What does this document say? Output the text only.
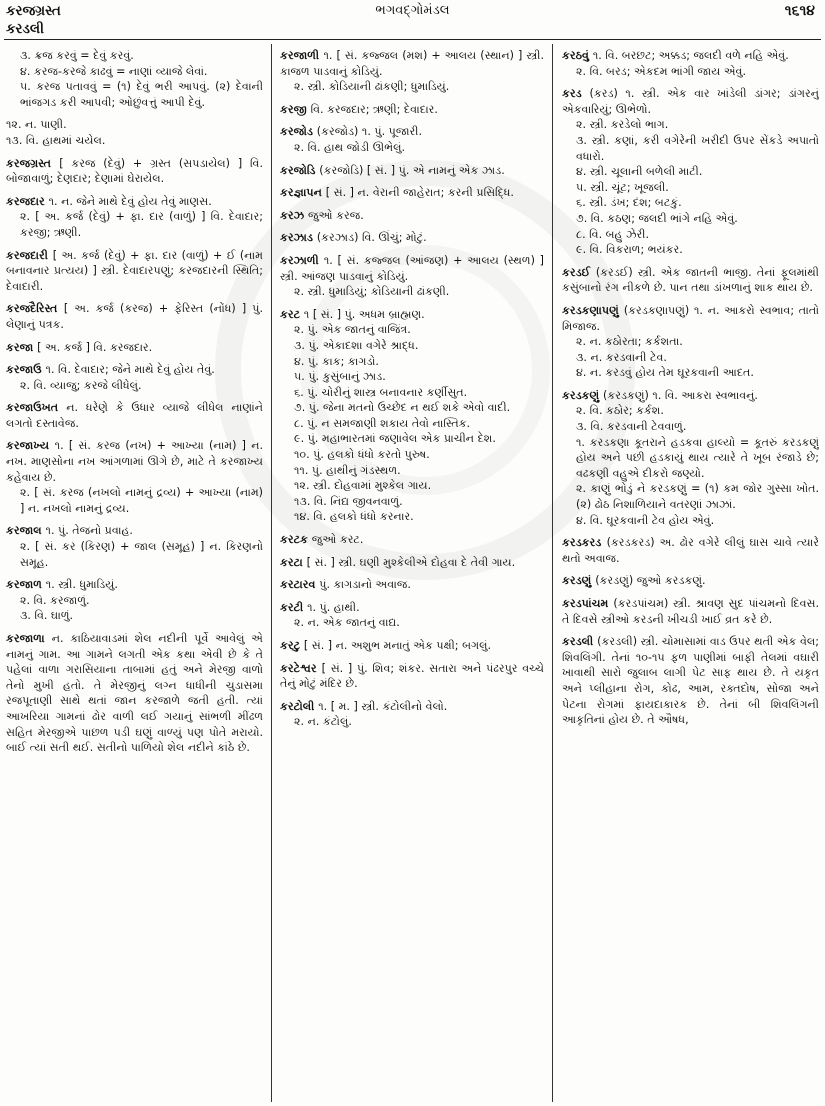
કરજગ્રસ્ત
કરડલી
ભગવદ્‌ગોમંડલ	૧૬૧૪

૩. ક્રજ કરવું = દેવું કરવું.

૪. કરજ-કરજે કાઢવું = નાણાં વ્યાજે લેવાં.

૫. કરજ પતાવવું = (૧) દેવું ભરી આપવું. (૨) દેવાની ભાંજગડ કરી આપવી; ઓછુંવત્તું આપી દેવું.

૧૨. ન. પાણી.

૧૩. વિ. હાથમાં ચયેલ.

કરજગ્રસ્ત [ કરજ (દેવું) + ગ્રસ્ત (સપડાયેલ) ] વિ. બોજાવાળું; દેણદાર; દેણામાં ઘેરાયેલ.

કરજદાર ૧. ન. જેને માથે દેવું હોય તેવું માણસ.

૨. [ અ. કર્જ (દેવું) + ફા. દાર (વાળું) ] વિ. દેવાદાર; કરજી; ઋણી.

કરજદારી [ અ. કર્જ (દેવું) + ફા. દાર (વાળું) + ઈ (નામ બનાવનાર પ્રત્યય) ] સ્ત્રી. દેવાદારપણું; કરજદારની સ્થિતિ; દેવાદારી.

કરજદૈરિસ્ત [ અ. કર્જ (કરજ) + ફેરિસ્ત (નોંધ) ] પું. લેણાનું પત્રક.

કરજા [ અ. કર્જ ] વિ. કરજદાર.

કરજાઉ ૧. વિ. દેવાદાર; જેને માથે દેવું હોય તેવું.

૨. વિ. વ્યાજુ; કરજે લીધેલું.

કરજાઉખત ન. ધરેણે કે ઉધાર વ્યાજે લીધેલ નાણાંને લગતો દસ્તાવેજ.

કરજાખ્ય ૧. [ સં. કરજ (નખ) + આખ્યા (નામ) ] ન. નખ. માણસોના નખ આંગળામાં ઊગે છે, માટે તે કરજાખ્ય કહેવાય છે.

૨. [ સં. કરજ (નખલો નામનું દ્રવ્ય) + આખ્યા (નામ) ] ન. નખલો નામનું દ્રવ્ય.

કરજાલ ૧. પું. તેજનો પ્રવાહ.

૨. [ સં. કર (કિરણ) + જાલ (સમૂહ) ] ન. કિરણનો સમૂહ.

કરજાળ ૧. સ્ત્રી. ધુમાડિયું.

૨. વિ. કરજાળું.

૩. વિ. ઘાળું.

કરજાળા ન. કાઠિયાવાડમાં શેલ નદીની પૂર્વે આવેલું એ નામનું ગામ. આ ગામને લગતી એક કથા એવી છે કે તે પહેલાં વાળા ગરાસિયાના તાબામાં હતું અને મેરજી વાળો તેનો મુખી હતો. તે મેરજીનું લગ્ન ધાધીની ચુડાસમા રજપૂતાણી સાથે થતાં જાન કરજાળે જતી હતી. ત્યાં આખરિયા ગામનાં ઢોર વાળી લઈ ગયાનું સાંભળી મીંઢળ સહિત મેરજીએ પાછળ પડી ઘણું વાળ્યું પણ પોતે મરાયો. બાઈ ત્યાં સતી થઈ. સતીનો પાળિયો શેલ નદીને કાંઠે છે.

કરજાળી ૧. [ સં. કજ્જલ (મશ) + આલય (સ્થાન) ] સ્ત્રી. કાજળ પાડવાનું કોડિયું.

૨. સ્ત્રી. કોડિયાની ઢાંકણી; ધુમાડિયું.

કરજી વિ. કરજદાર; ઋણી; દેવાદાર.

કરજોડ (કરજોડ) ૧. પું. પૂજારી.

૨. વિ. હાથ જોડી ઊભેલું.

કરજોડિ (કરજોડિ) [ સં. ] પું. એ નામનું એક ઝાડ.

કરજ્ઞાપન [ સં. ] ન. વેરાની જાહેરાત; કરની પ્રસિદ્ધિ.

કરઝ જુઓ કરજ.

કરઝાડ (કરઝાડ) વિ. ઊંચું; મોટું.

કરઝાળી ૧. [ સં. કજ્જલ (આંજણ) + આલય (સ્થળ) ] સ્ત્રી. આંજણ પાડવાનું કોડિયું.

૨. સ્ત્રી. ધુમાડિયું; કોડિયાની ઢાંકણી.

કરટ ૧ [ સં. ] પું. અધમ બ્રાહ્મણ.

૨. પું. એક જાતનું વાજિંત્ર.

૩. પું. એકાદશા વગેરે શ્રાદ્ધ.

૪. પું. કાક; કાગડો.

૫. પું. કુસુંબાનું ઝાડ.

૬. પું. ચોરીનું શાસ્ત્ર બનાવનાર કર્ણીસુત.

૭. પું. જેના મતનો ઉચ્છેદ ન થઈ શકે એવો વાદી.

૮. પું. ન સમજાણી શકાય તેવો નાસ્તિક.

૯. પું. મહાભારતમાં જણાવેલ એક પ્રાચીન દેશ.

૧૦. પું. હલકો ધંધો કરતો પુરુષ.

૧૧. પું. હાથીનું ગંડસ્થળ.

૧૨. સ્ત્રી. દોહવામાં મુશ્કેલ ગાય.

૧૩. વિ. નિંદ્ય જીવનવાળું.

૧૪. વિ. હલકો ધંધો કરનાર.

કરટક જુઓ કરટ.

કરટા [ સં. ] સ્ત્રી. ઘણી મુશ્કેલીએ દોહવા દે તેવી ગાય.

કરટારવ પું. કાગડાનો અવાજ.

કરટી ૧. પું. હાથી.

૨. ન. એક જાતનું વાદ્ય.

કરટુ [ સં. ] ન. અશુભ મનાતું એક પક્ષી; બગલું.

કરટેશ્વર [ સં. ] પું. શિવ; શંકર. સતારા અને પંઢરપુર વચ્ચે તેનું મોટું મંદિર છે.

કરટોલી ૧. [ મ. ] સ્ત્રી. કંટોલીનો વેલો.

૨. ન. કંટોલું.

કરઠવું ૧. વિ. બરછટ; અક્કડ; જલદી વળે નહિ એવું.

૨. વિ. બરડ; એકદમ ભાંગી જાય એવું.

કરડ (કરડ) ૧. સ્ત્રી. એક વાર ખાંડેલી ડાંગર; ડાંગરનું એકવારિયું; ઊભેળો.

૨. સ્ત્રી. કરડેલો ભાગ.

૩. સ્ત્રી. કણાં, કરી વગેરેની ખરીદી ઉપર સેંકડે અપાતો વધારો.

૪. સ્ત્રી. ચૂલાની બળેલી માટી.

૫. સ્ત્રી. ચૂંટ; ખૂજલી.

૬. સ્ત્રી. ડંખ; દંશ; બટકું.

૭. વિ. કઠણ; જલદી ભાંગે નહિ એવું.

૮. વિ. બહુ ઝેરી.

૯. વિ. વિકરાળ; ભયંકર.

કરડઈ (કરડઈ) સ્ત્રી. એક જાતની ભાજી. તેનાં ફૂલમાંથી કસુંબાનો રંગ નીકળે છે. પાન તથા ડાંખળાનું શાક થાય છે.

કરડકણાપણું (કરડકણાપણું) ૧. ન. આકરો સ્વભાવ; તાતો મિજાજ.

૨. ન. કઠોરતા; કર્કશતા.

૩. ન. કરડવાની ટેવ.

૪. ન. કરડવું હોય તેમ ઘૂરકવાની આદત.

કરડકણું (કરડકણું) ૧. વિ. આકરા સ્વભાવનું.

૨. વિ. કઠોર; કર્કશ.

૩. વિ. કરડવાની ટેવવાળું.

૧. કરડકણા કૂતરાને હડકવા હાલ્યો = કૂતરું કરડકણું હોય અને પછી હડકાયું થાય ત્યારે તે ખૂબ રંજાડે છે; વઢકણી વહુએ દીકરો જણ્યો.

૨. કાણું ભોડું ને કરડકણું = (૧) કમ જોર ગુસ્સા ખોત. (૨) ઢોઠ નિશાળિયાને વતરણાં ઝાઝાં.

૪. વિ. ઘૂરકવાની ટેવ હોય એવું.

કરડકરડ (કરડકરડ) અ. ઢોર વગેરે લીલું ઘાસ ચાવે ત્યારે થતો અવાજ.

કરડણું (કરડણું) જુઓ કરડકણું.

કરડપાંચમ (કરડપાંચમ) સ્ત્રી. શ્રાવણ સુદ પાંચમનો દિવસ. તે દિવસે સ્ત્રીઓ કરડની ખીચડી ખાઈ વ્રત કરે છે.

કરડલી (કરડલી) સ્ત્રી. ચોમાસામાં વાડ ઉપર થતી એક વેલ; શિવલિંગી. તેનાં ૧૦-૧૫ ફળ પાણીમાં બાફી તેલમાં વઘારી ખાવાથી સારો જુલાબ લાગી પેટ સાફ થાય છે. તે યકૃત અને પ્લીહાના રોગ, કોઢ, આમ, રક્તદોષ, સોજા અને પેટના રોગમાં ફાયદાકારક છે. તેનાં બી શિવલિંગની આકૃતિનાં હોય છે. તે ઔષધ,
